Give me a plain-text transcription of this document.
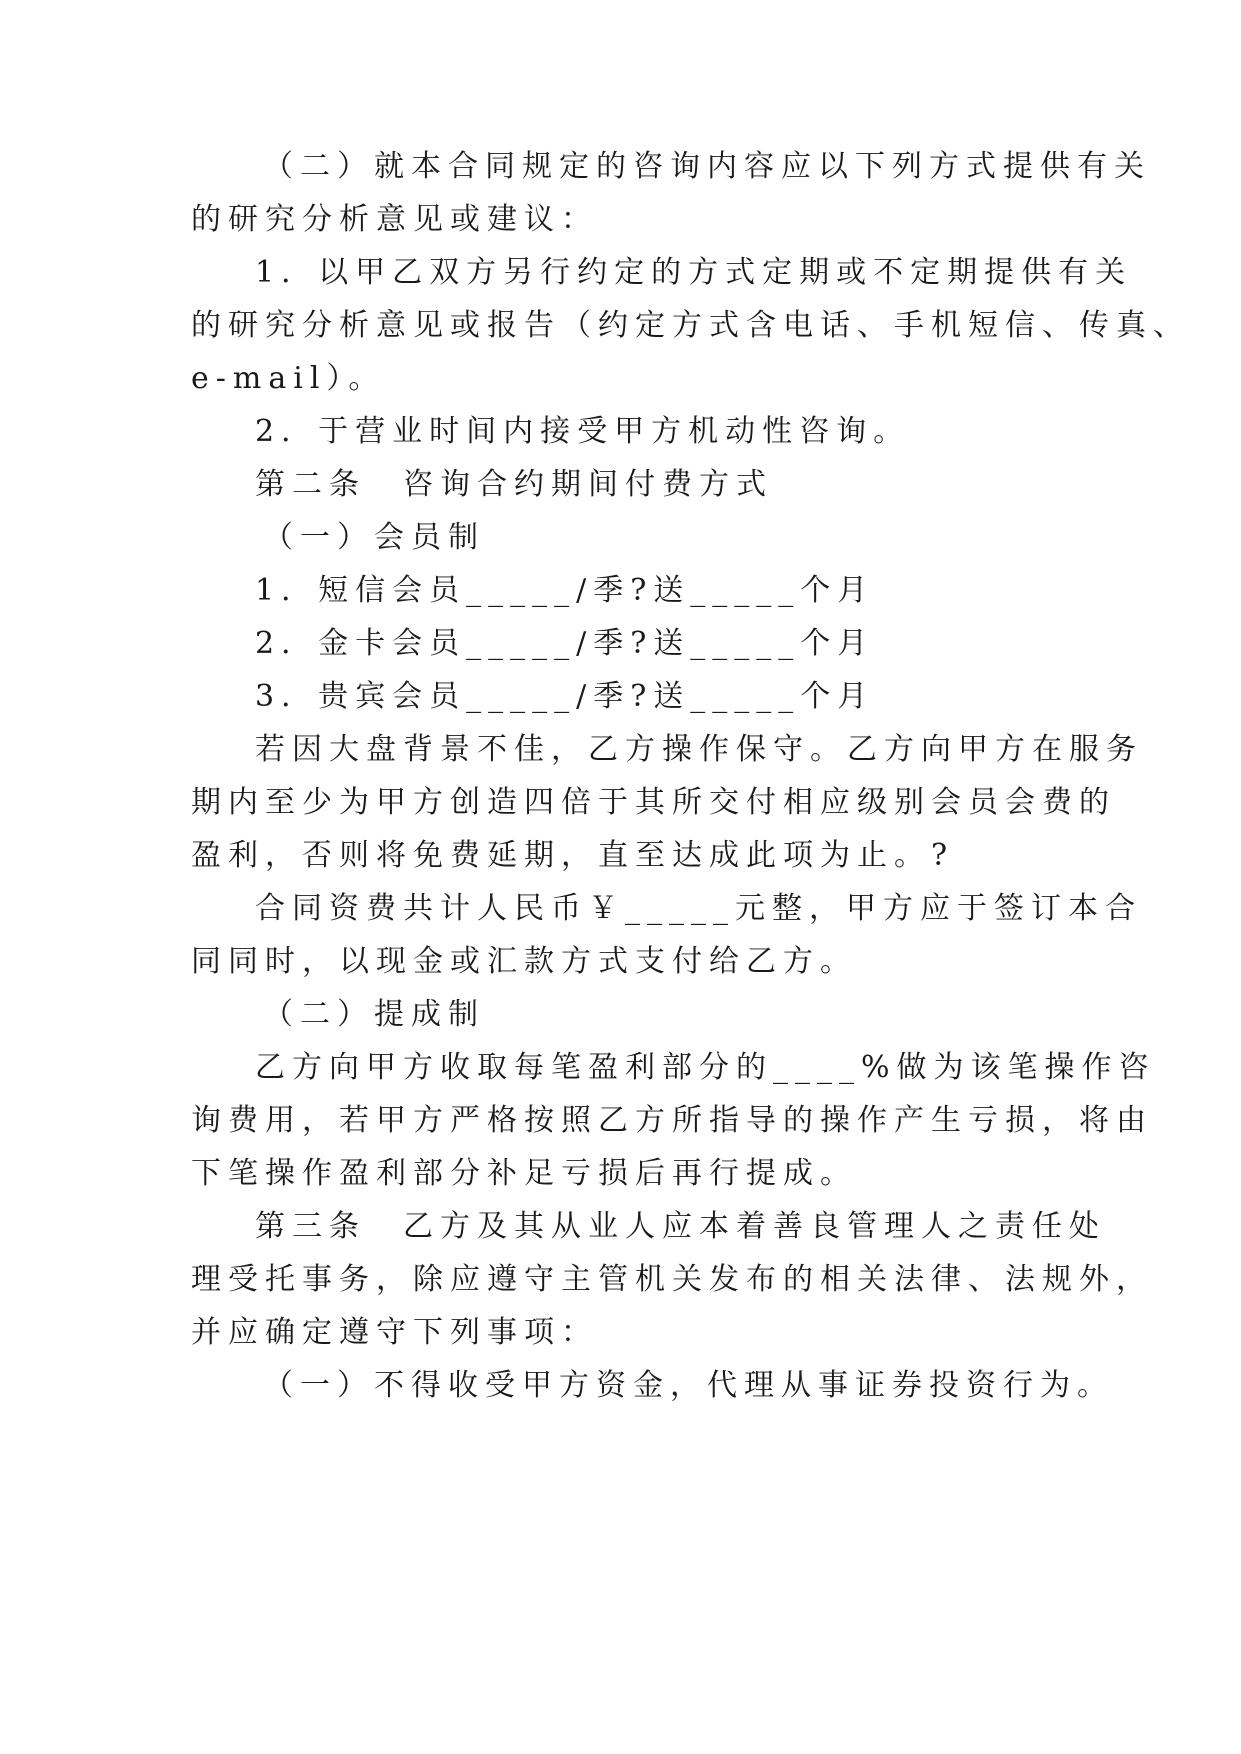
（二）就本合同规定的咨询内容应以下列方式提供有关
的研究分析意见或建议：
1．以甲乙双方另行约定的方式定期或不定期提供有关
的研究分析意见或报告（约定方式含电话、手机短信、传真、
e-mail）。
2．于营业时间内接受甲方机动性咨询。
第二条　咨询合约期间付费方式
（一）会员制
1．短信会员_____/季?送_____个月
2．金卡会员_____/季?送_____个月
3．贵宾会员_____/季?送_____个月
若因大盘背景不佳，乙方操作保守。乙方向甲方在服务
期内至少为甲方创造四倍于其所交付相应级别会员会费的
盈利，否则将免费延期，直至达成此项为止。?
合同资费共计人民币￥_____元整，甲方应于签订本合
同同时，以现金或汇款方式支付给乙方。
（二）提成制
乙方向甲方收取每笔盈利部分的____%做为该笔操作咨
询费用，若甲方严格按照乙方所指导的操作产生亏损，将由
下笔操作盈利部分补足亏损后再行提成。
第三条　乙方及其从业人应本着善良管理人之责任处
理受托事务，除应遵守主管机关发布的相关法律、法规外，
并应确定遵守下列事项：
（一）不得收受甲方资金，代理从事证券投资行为。
